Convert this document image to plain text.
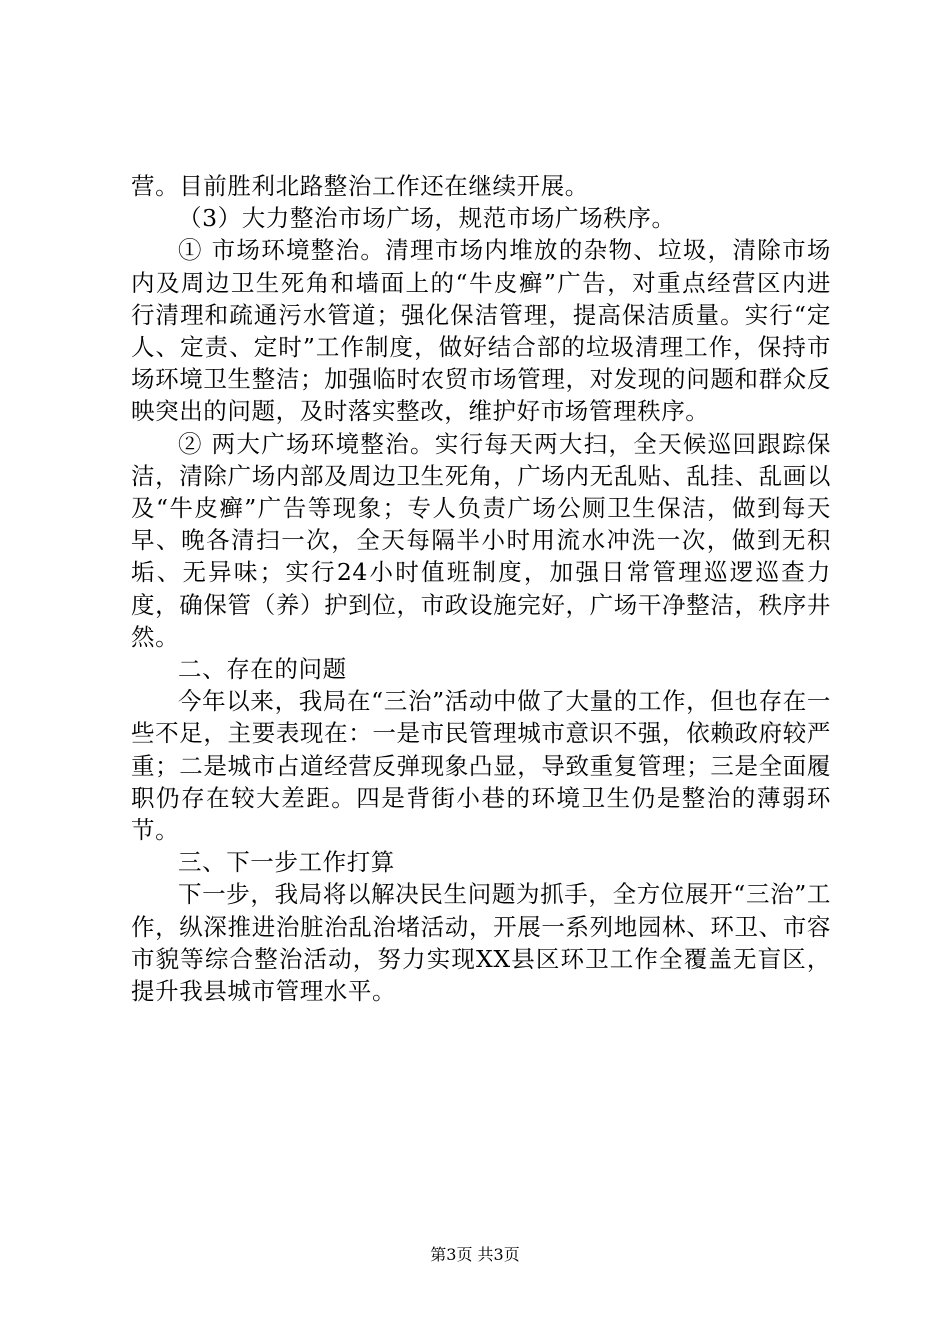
营。目前胜利北路整治工作还在继续开展。

（3）大力整治市场广场，规范市场广场秩序。

① 市场环境整治。清理市场内堆放的杂物、垃圾，清除市场内及周边卫生死角和墙面上的“牛皮癣”广告，对重点经营区内进行清理和疏通污水管道；强化保洁管理，提高保洁质量。实行“定人、定责、定时”工作制度，做好结合部的垃圾清理工作，保持市场环境卫生整洁；加强临时农贸市场管理，对发现的问题和群众反映突出的问题，及时落实整改，维护好市场管理秩序。

② 两大广场环境整治。实行每天两大扫，全天候巡回跟踪保洁，清除广场内部及周边卫生死角，广场内无乱贴、乱挂、乱画以及“牛皮癣”广告等现象；专人负责广场公厕卫生保洁，做到每天早、晚各清扫一次，全天每隔半小时用流水冲洗一次，做到无积垢、无异味；实行24小时值班制度，加强日常管理巡逻巡查力度，确保管（养）护到位，市政设施完好，广场干净整洁，秩序井然。

二、存在的问题

今年以来，我局在“三治”活动中做了大量的工作，但也存在一些不足，主要表现在：一是市民管理城市意识不强，依赖政府较严重；二是城市占道经营反弹现象凸显，导致重复管理；三是全面履职仍存在较大差距。四是背街小巷的环境卫生仍是整治的薄弱环节。

三、下一步工作打算

下一步，我局将以解决民生问题为抓手，全方位展开“三治”工作，纵深推进治脏治乱治堵活动，开展一系列地园林、环卫、市容市貌等综合整治活动，努力实现XX县区环卫工作全覆盖无盲区，提升我县城市管理水平。

第3页 共3页
